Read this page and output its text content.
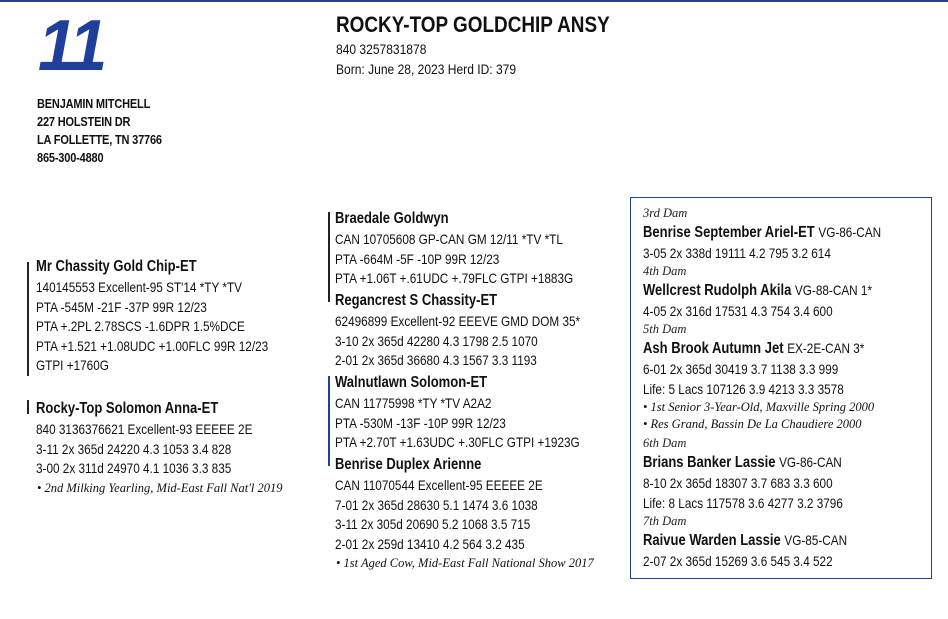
11
BENJAMIN MITCHELL
227 HOLSTEIN DR
LA FOLLETTE, TN 37766
865-300-4880
ROCKY-TOP GOLDCHIP ANSY
840 3257831878
Born: June 28, 2023 Herd ID: 379
Mr Chassity Gold Chip-ET
140145553 Excellent-95 ST'14 *TY *TV
PTA -545M -21F -37P 99R 12/23
PTA +.2PL 2.78SCS -1.6DPR 1.5%DCE
PTA +1.521 +1.08UDC +1.00FLC 99R 12/23
GTPI +1760G
Rocky-Top Solomon Anna-ET
840 3136376621 Excellent-93 EEEEE 2E
3-11 2x 365d 24220 4.3 1053 3.4 828
3-00 2x 311d 24970 4.1 1036 3.3 835
• 2nd Milking Yearling, Mid-East Fall Nat'l 2019
Braedale Goldwyn
CAN 10705608 GP-CAN GM 12/11 *TV *TL
PTA -664M -5F -10P 99R 12/23
PTA +1.06T +.61UDC +.79FLC GTPI +1883G
Regancrest S Chassity-ET
62496899 Excellent-92 EEEVE GMD DOM 35*
3-10 2x 365d 42280 4.3 1798 2.5 1070
2-01 2x 365d 36680 4.3 1567 3.3 1193
Walnutlawn Solomon-ET
CAN 11775998 *TY *TV A2A2
PTA -530M -13F -10P 99R 12/23
PTA +2.70T +1.63UDC +.30FLC GTPI +1923G
Benrise Duplex Arienne
CAN 11070544 Excellent-95 EEEEE 2E
7-01 2x 365d 28630 5.1 1474 3.6 1038
3-11 2x 305d 20690 5.2 1068 3.5 715
2-01 2x 259d 13410 4.2 564 3.2 435
• 1st Aged Cow, Mid-East Fall National Show 2017
3rd Dam
Benrise September Ariel-ET VG-86-CAN
3-05 2x 338d 19111 4.2 795 3.2 614
4th Dam
Wellcrest Rudolph Akila VG-88-CAN 1*
4-05 2x 316d 17531 4.3 754 3.4 600
5th Dam
Ash Brook Autumn Jet EX-2E-CAN 3*
6-01 2x 365d 30419 3.7 1138 3.3 999
Life: 5 Lacs 107126 3.9 4213 3.3 3578
• 1st Senior 3-Year-Old, Maxville Spring 2000
• Res Grand, Bassin De La Chaudiere 2000
6th Dam
Brians Banker Lassie VG-86-CAN
8-10 2x 365d 18307 3.7 683 3.3 600
Life: 8 Lacs 117578 3.6 4277 3.2 3796
7th Dam
Raivue Warden Lassie VG-85-CAN
2-07 2x 365d 15269 3.6 545 3.4 522
